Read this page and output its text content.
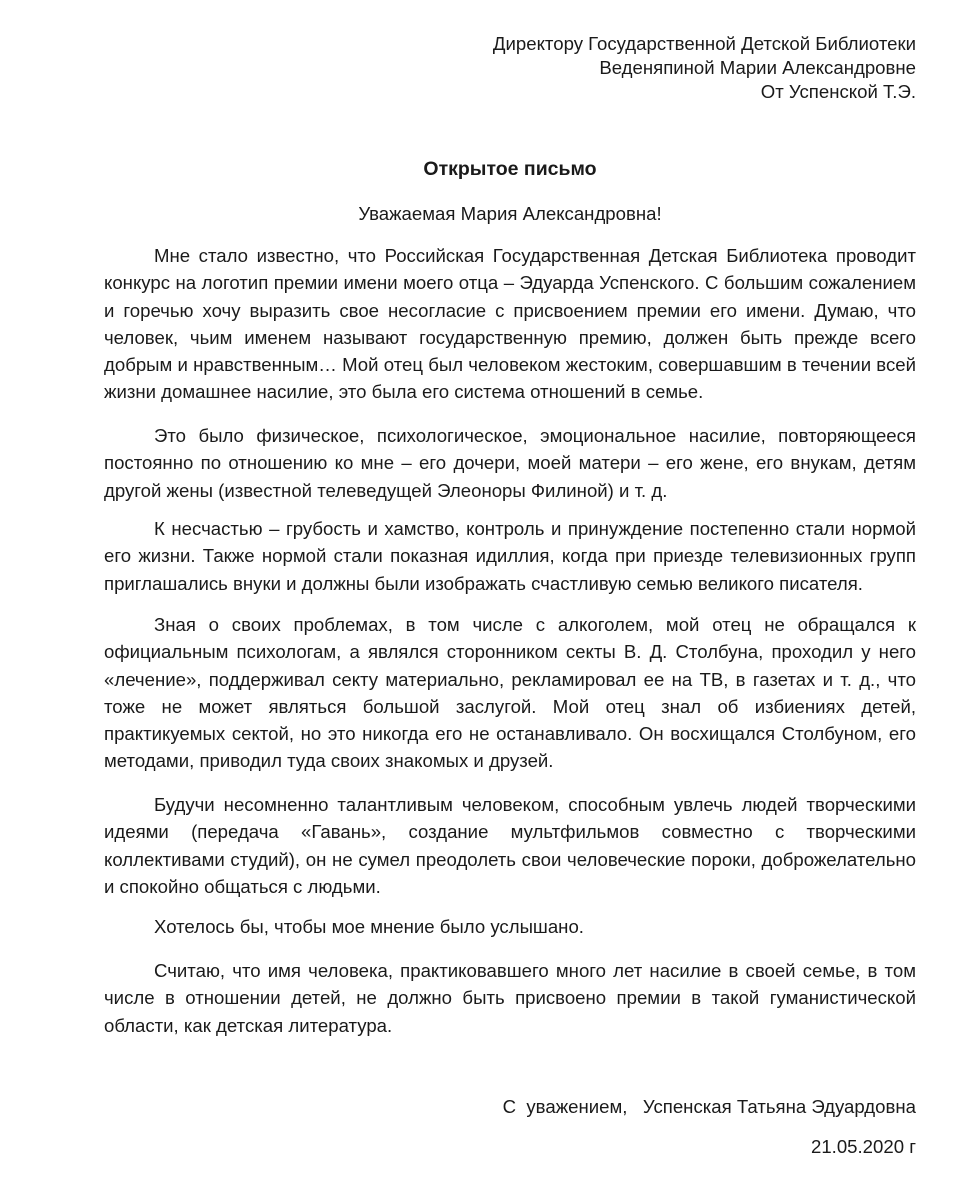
Директору Государственной Детской Библиотеки
Веденяпиной Марии Александровне
От Успенской Т.Э.
Открытое письмо
Уважаемая Мария Александровна!

Мне стало известно, что Российская Государственная Детская Библиотека проводит конкурс на логотип премии имени моего отца – Эдуарда Успенского. С большим сожалением и горечью хочу выразить свое несогласие с присвоением премии его имени. Думаю, что человек, чьим именем называют государственную премию, должен быть прежде всего добрым и нравственным… Мой отец был человеком жестоким, совершавшим в течении всей жизни домашнее насилие, это была его система отношений в семье.

Это было физическое, психологическое, эмоциональное насилие, повторяющееся постоянно по отношению ко мне – его дочери, моей матери – его жене, его внукам, детям другой жены (известной телеведущей Элеоноры Филиной) и т. д.

К несчастью – грубость и хамство, контроль и принуждение постепенно стали нормой его жизни. Также нормой стали показная идиллия, когда при приезде телевизионных групп приглашались внуки и должны были изображать счастливую семью великого писателя.

Зная о своих проблемах, в том числе с алкоголем, мой отец не обращался к официальным психологам, а являлся сторонником секты В. Д. Столбуна, проходил у него «лечение», поддерживал секту материально, рекламировал ее на ТВ, в газетах и т. д., что тоже не может являться большой заслугой. Мой отец знал об избиениях детей, практикуемых сектой, но это никогда его не останавливало. Он восхищался Столбуном, его методами, приводил туда своих знакомых и друзей.

Будучи несомненно талантливым человеком, способным увлечь людей творческими идеями (передача «Гавань», создание мультфильмов совместно с творческими коллективами студий), он не сумел преодолеть свои человеческие пороки, доброжелательно и спокойно общаться с людьми.

Хотелось бы, чтобы мое мнение было услышано.

Считаю, что имя человека, практиковавшего много лет насилие в своей семье, в том числе в отношении детей, не должно быть присвоено премии в такой гуманистической области, как детская литература.

С  уважением,   Успенская Татьяна Эдуардовна
21.05.2020 г
